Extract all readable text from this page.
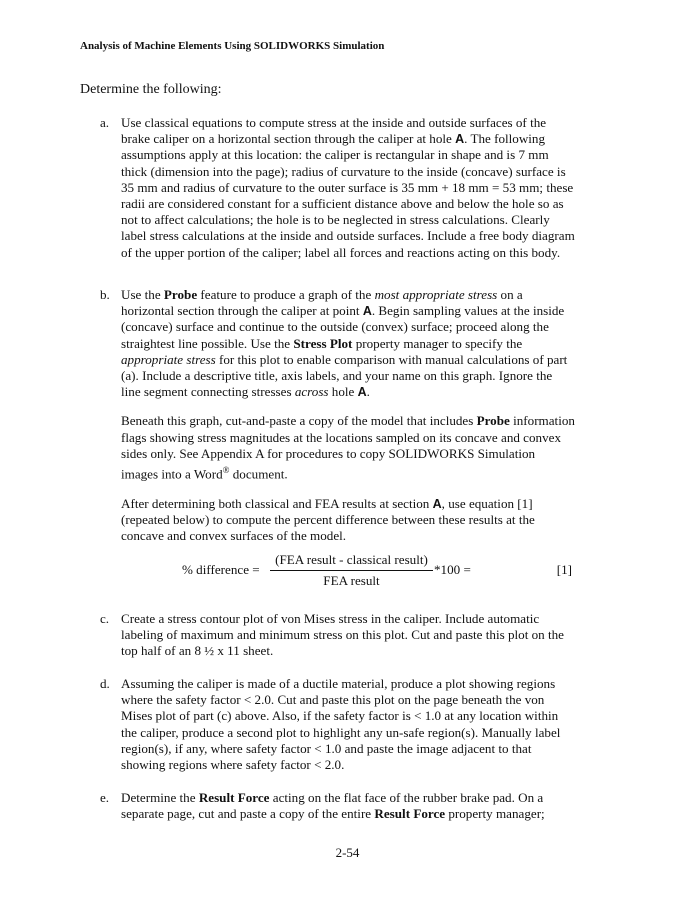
Analysis of Machine Elements Using SOLIDWORKS Simulation
Determine the following:
a. Use classical equations to compute stress at the inside and outside surfaces of the brake caliper on a horizontal section through the caliper at hole A. The following assumptions apply at this location: the caliper is rectangular in shape and is 7 mm thick (dimension into the page); radius of curvature to the inside (concave) surface is 35 mm and radius of curvature to the outer surface is 35 mm + 18 mm = 53 mm; these radii are considered constant for a sufficient distance above and below the hole so as not to affect calculations; the hole is to be neglected in stress calculations. Clearly label stress calculations at the inside and outside surfaces. Include a free body diagram of the upper portion of the caliper; label all forces and reactions acting on this body.

b. Use the Probe feature to produce a graph of the most appropriate stress on a horizontal section through the caliper at point A. Begin sampling values at the inside (concave) surface and continue to the outside (convex) surface; proceed along the straightest line possible. Use the Stress Plot property manager to specify the appropriate stress for this plot to enable comparison with manual calculations of part (a). Include a descriptive title, axis labels, and your name on this graph. Ignore the line segment connecting stresses across hole A.

Beneath this graph, cut-and-paste a copy of the model that includes Probe information flags showing stress magnitudes at the locations sampled on its concave and convex sides only. See Appendix A for procedures to copy SOLIDWORKS Simulation images into a Word® document.

After determining both classical and FEA results at section A, use equation [1] (repeated below) to compute the percent difference between these results at the concave and convex surfaces of the model.

% difference =
(FEA result - classical result)
FEA result
*100 =	[1]
c. Create a stress contour plot of von Mises stress in the caliper. Include automatic labeling of maximum and minimum stress on this plot. Cut and paste this plot on the top half of an 8 ½ x 11 sheet.

d. Assuming the caliper is made of a ductile material, produce a plot showing regions where the safety factor < 2.0. Cut and paste this plot on the page beneath the von Mises plot of part (c) above. Also, if the safety factor is < 1.0 at any location within the caliper, produce a second plot to highlight any un-safe region(s). Manually label region(s), if any, where safety factor < 1.0 and paste the image adjacent to that showing regions where safety factor < 2.0.

e. Determine the Result Force acting on the flat face of the rubber brake pad. On a separate page, cut and paste a copy of the entire Result Force property manager;

2-54
